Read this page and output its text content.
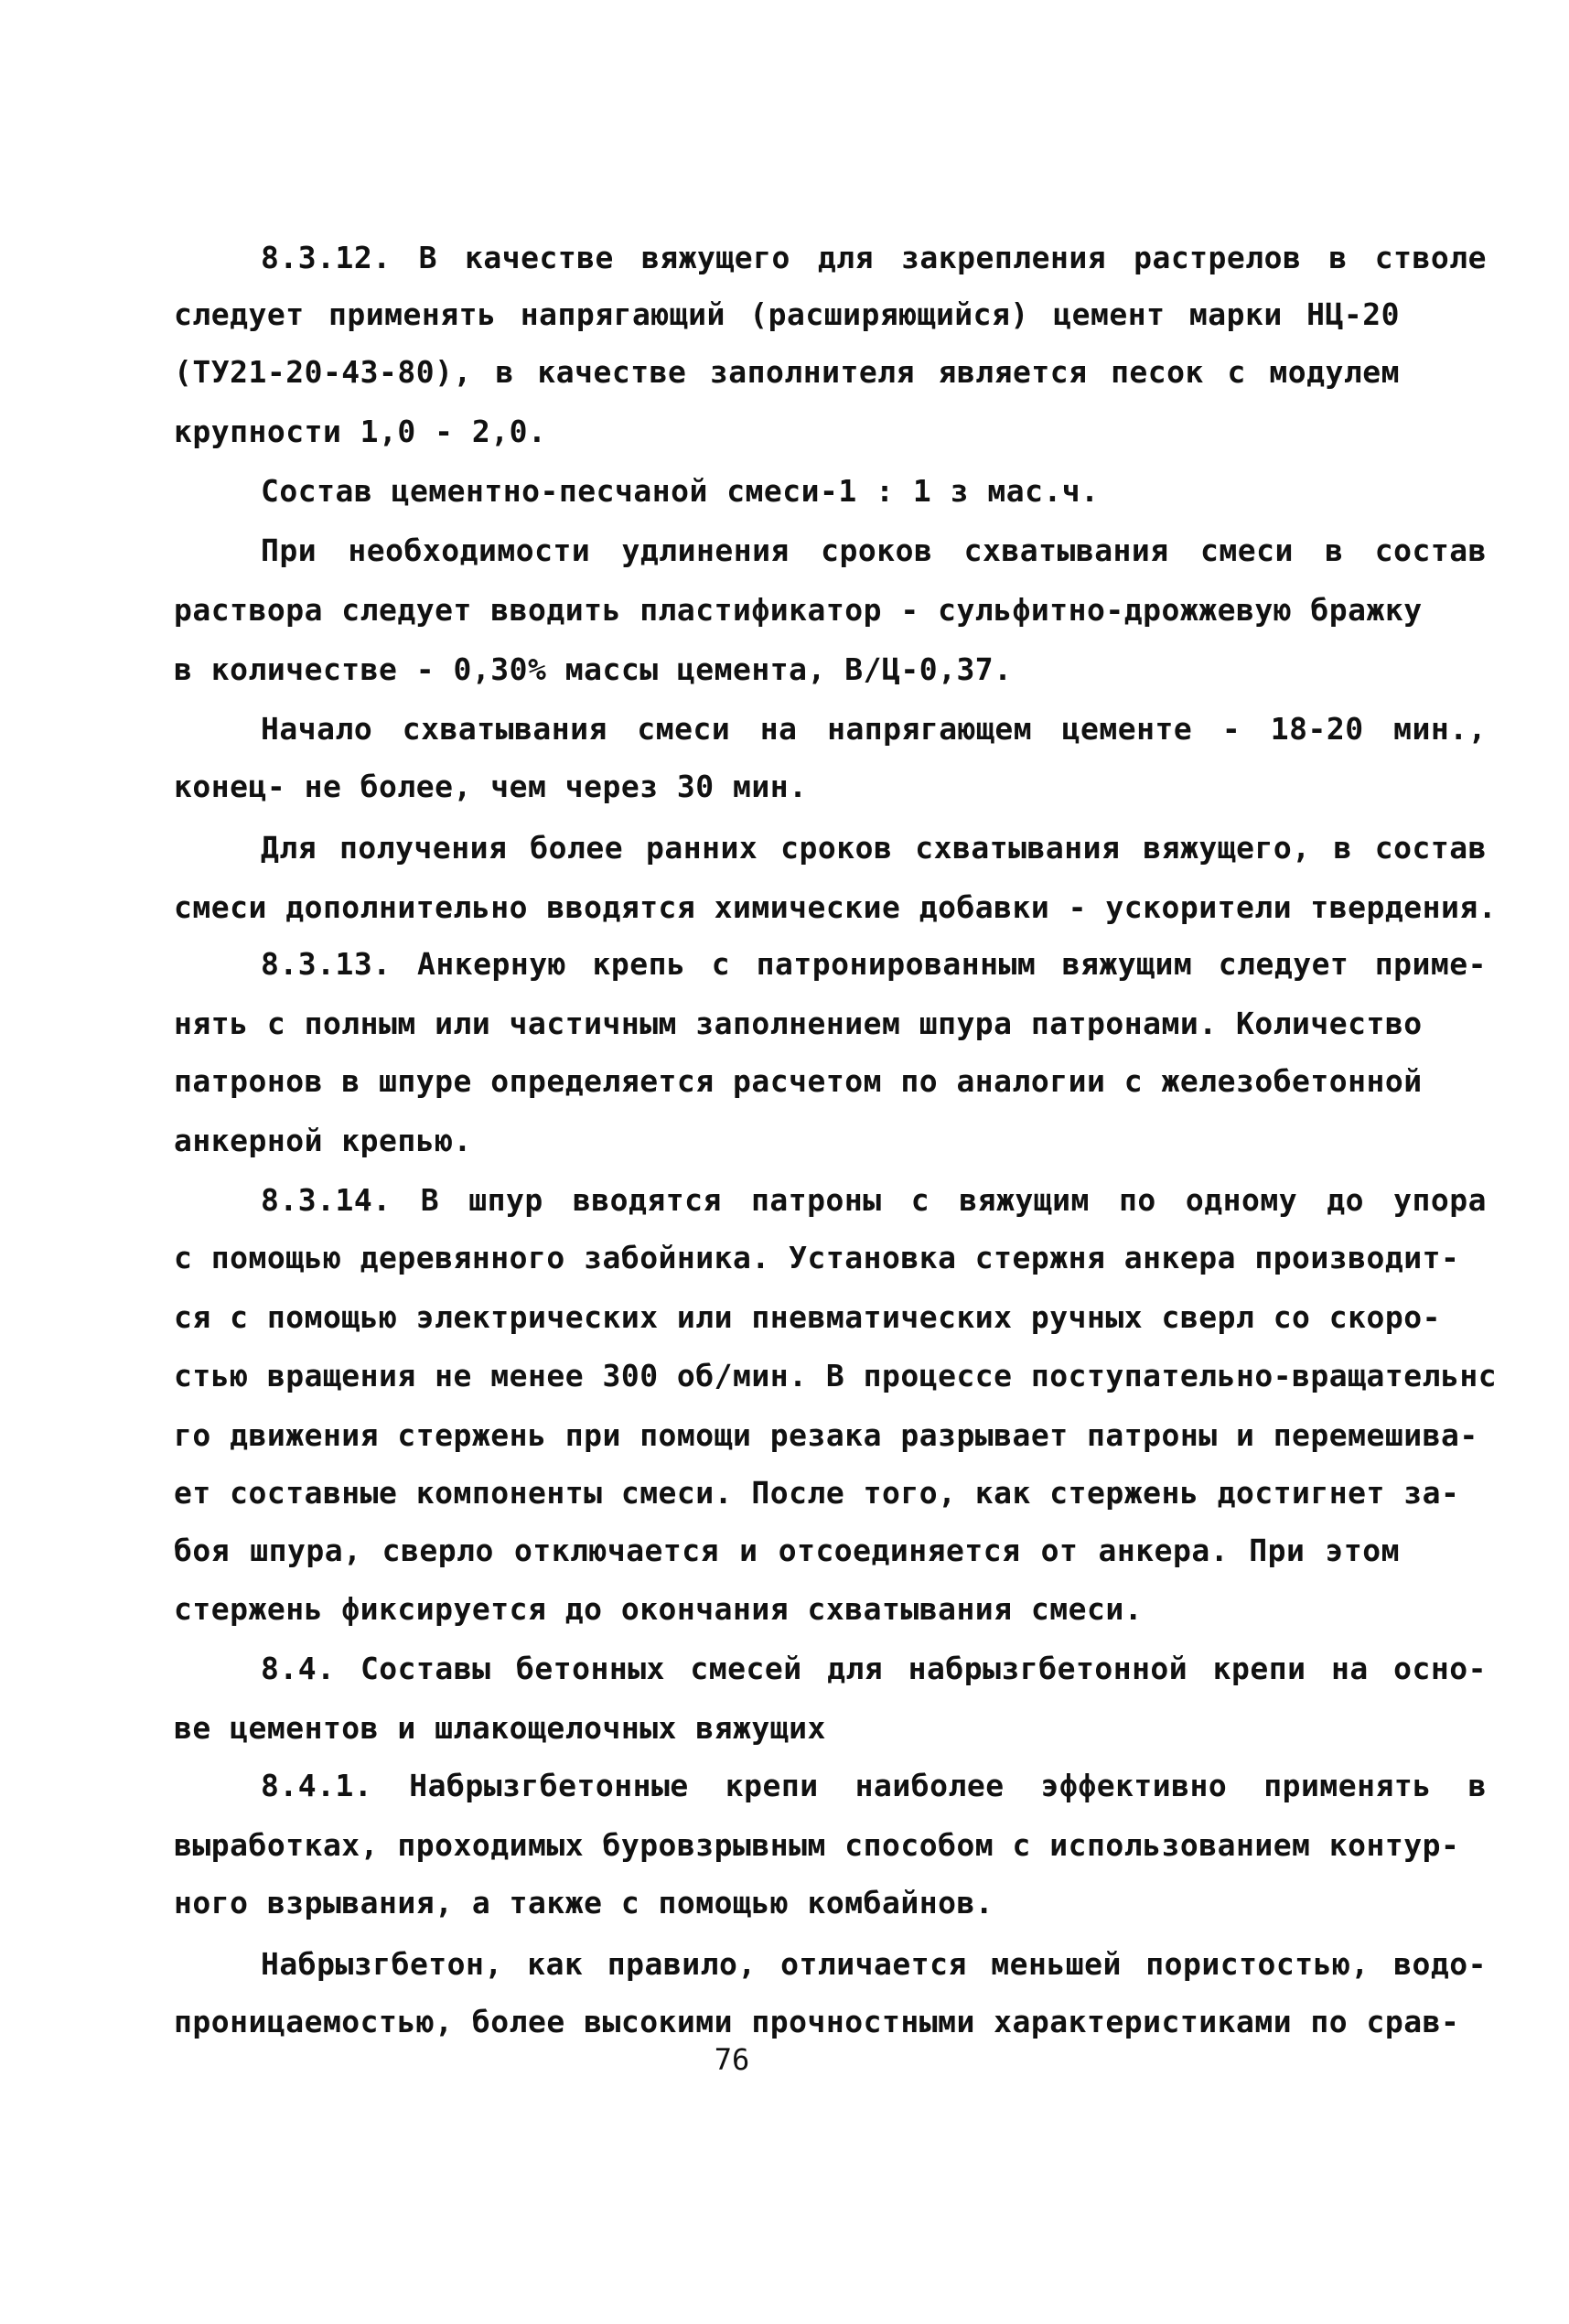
8.3.12. В качестве вяжущего для закрепления растрелов в стволе
следует применять напрягающий (расширяющийся) цемент марки НЦ-20
(ТУ21-20-43-80), в качестве заполнителя является песок с модулем
крупности 1,0 - 2,0.
Состав цементно-песчаной смеси-1 : 1 з мас.ч.
При необходимости удлинения сроков схватывания смеси в состав
раствора следует вводить пластификатор - сульфитно-дрожжевую бражку
в количестве - 0,30% массы цемента, В/Ц-0,37.
Начало схватывания смеси на напрягающем цементе - 18-20 мин.,
конец- не более, чем через 30 мин.
Для получения более ранних сроков схватывания вяжущего, в состав
смеси дополнительно вводятся химические добавки - ускорители твердения.
8.3.13. Анкерную крепь с патронированным вяжущим следует приме-
нять с полным или частичным заполнением шпура патронами. Количество
патронов в шпуре определяется расчетом по аналогии с железобетонной
анкерной крепью.
8.3.14. В шпур вводятся патроны с вяжущим по одному до упора
с помощью деревянного забойника. Установка стержня анкера производит-
ся с помощью электрических или пневматических ручных сверл со скоро-
стью вращения не менее 300 об/мин. В процессе поступательно-вращательнс
го движения стержень при помощи резака разрывает патроны и перемешива-
ет составные компоненты смеси. После того, как стержень достигнет за-
боя шпура, сверло отключается и отсоединяется от анкера. При этом
стержень фиксируется до окончания схватывания смеси.
8.4. Составы бетонных смесей для набрызгбетонной крепи на осно-
ве цементов и шлакощелочных вяжущих
8.4.1. Набрызгбетонные крепи наиболее эффективно применять в
выработках, проходимых буровзрывным способом с использованием контур-
ного взрывания, а также с помощью комбайнов.
Набрызгбетон, как правило, отличается меньшей пористостью, водо-
проницаемостью, более высокими прочностными характеристиками по срав-
76
